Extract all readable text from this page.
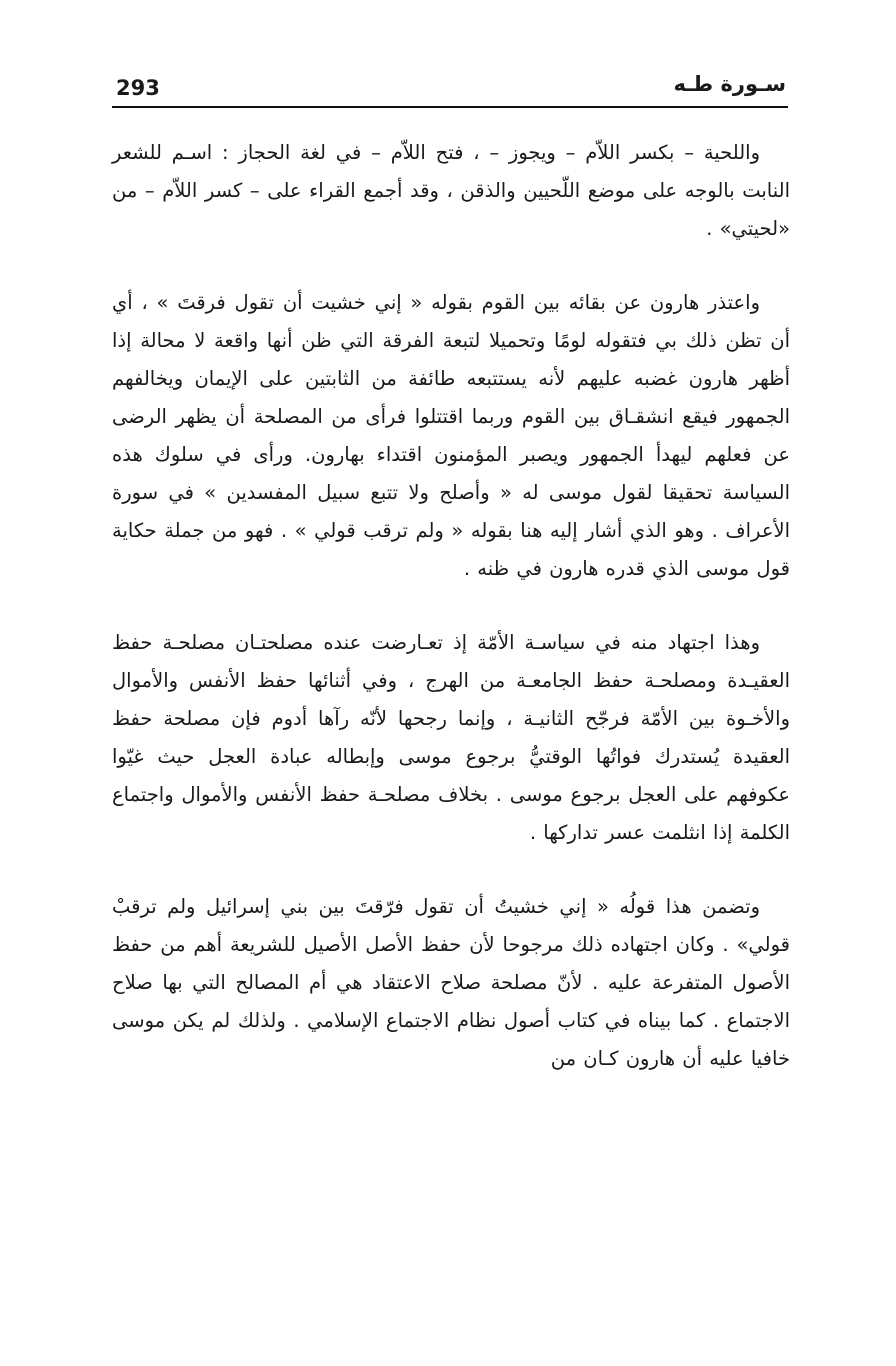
293	سـورة طـه

واللحية – بكسر اللاّم – ويجوز – ، فتح اللاّم – في لغة الحجاز : اسـم للشعر النابت بالوجه على موضع اللّحيين والذقن ، وقد أجمع القراء على – كسر اللاّم – من «لحيتي» .

واعتذر هارون عن بقائه بين القوم بقوله « إني خشيت أن تقول فرقتَ » ، أي أن تظن ذلك بي فتقوله لومًا وتحميلا لتبعة الفرقة التي ظن أنها واقعة لا محالة إذا أظهر هارون غضبه عليهم لأنه يستتبعه طائفة من الثابتين على الإيمان ويخالفهم الجمهور فيقع انشقـاق بين القوم وربما اقتتلوا فرأى من المصلحة أن يظهر الرضى عن فعلهم ليهدأ الجمهور ويصبر المؤمنون اقتداء بهارون. ورأى في سلوك هذه السياسة تحقيقا لقول موسى له « وأصلح ولا تتبع سبيل المفسدين » في سورة الأعراف . وهو الذي أشار إليه هنا بقوله « ولم ترقب قولي » . فهو من جملة حكاية قول موسى الذي قدره هارون في ظنه .

وهذا اجتهاد منه في سياسـة الأمّة إذ تعـارضت عنده مصلحتـان مصلحـة حفظ العقيـدة ومصلحـة حفظ الجامعـة من الهرج ، وفي أثنائها حفظ الأنفس والأموال والأخـوة بين الأمّة فرجّح الثانيـة ، وإنما رجحها لأنّه رآها أدوم فإن مصلحة حفظ العقيدة يُستدرك فواتُها الوقتيُّ برجوع موسى وإبطاله عبادة العجل حيث غيّوا عكوفهم على العجل برجوع موسى . بخلاف مصلحـة حفظ الأنفس والأموال واجتماع الكلمة إذا انثلمت عسر تداركها .

وتضمن هذا قولُه « إني خشيتُ أن تقول فرّقتَ بين بني إسرائيل ولم ترقبْ قولي» . وكان اجتهاده ذلك مرجوحا لأن حفظ الأصل الأصيل للشريعة أهم من حفظ الأصول المتفرعة عليه . لأنّ مصلحة صلاح الاعتقاد هي أم المصالح التي بها صلاح الاجتماع . كما بيناه في كتاب أصول نظام الاجتماع الإسلامي . ولذلك لم يكن موسى خافيا عليه أن هارون كـان من
